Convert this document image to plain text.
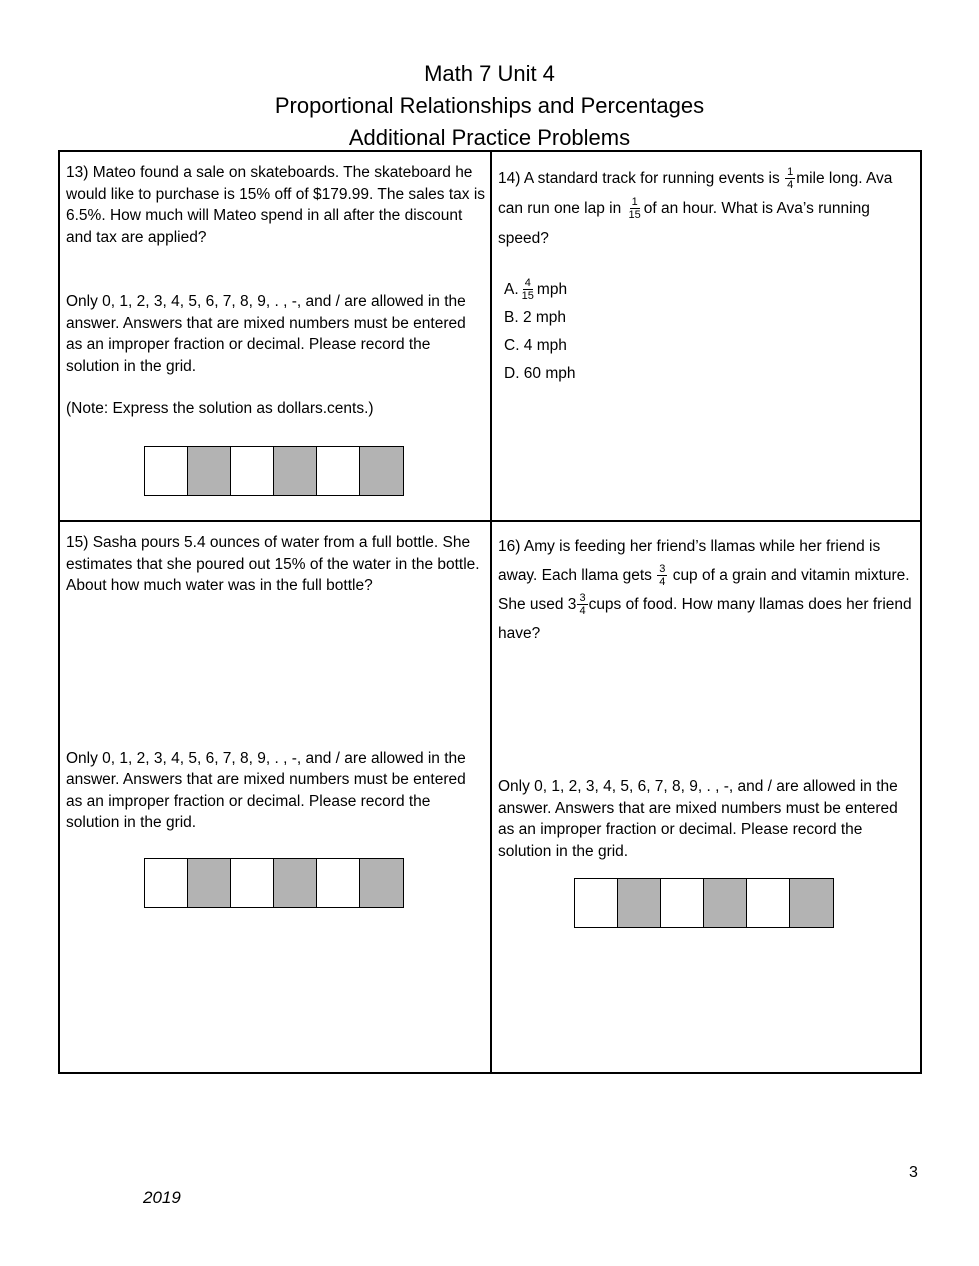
Math 7 Unit 4
Proportional Relationships and Percentages
Additional Practice Problems

13) Mateo found a sale on skateboards. The skateboard he would like to purchase is 15% off of $179.99. The sales tax is 6.5%. How much will Mateo spend in all after the discount and tax are applied?

Only 0, 1, 2, 3, 4, 5, 6, 7, 8, 9, . , -, and / are allowed in the answer. Answers that are mixed numbers must be entered as an improper fraction or decimal. Please record the solution in the grid.

(Note: Express the solution as dollars.cents.)

14) A standard track for running events is $\frac{1}{4}$ mile long. Ava can run one lap in $\frac{1}{15}$ of an hour. What is Ava’s running speed?

A. $\frac{4}{15}$ mph

B. 2 mph

C. 4 mph

D. 60 mph

15) Sasha pours 5.4 ounces of water from a full bottle. She estimates that she poured out 15% of the water in the bottle. About how much water was in the full bottle?

Only 0, 1, 2, 3, 4, 5, 6, 7, 8, 9, . , -, and / are allowed in the answer. Answers that are mixed numbers must be entered as an improper fraction or decimal. Please record the solution in the grid.

16) Amy is feeding her friend’s llamas while her friend is away. Each llama gets $\frac{3}{4}$ cup of a grain and vitamin mixture. She used $3 \frac{3}{4}$ cups of food. How many llamas does her friend have?

Only 0, 1, 2, 3, 4, 5, 6, 7, 8, 9, . , -, and / are allowed in the answer. Answers that are mixed numbers must be entered as an improper fraction or decimal. Please record the solution in the grid.

3
2019
